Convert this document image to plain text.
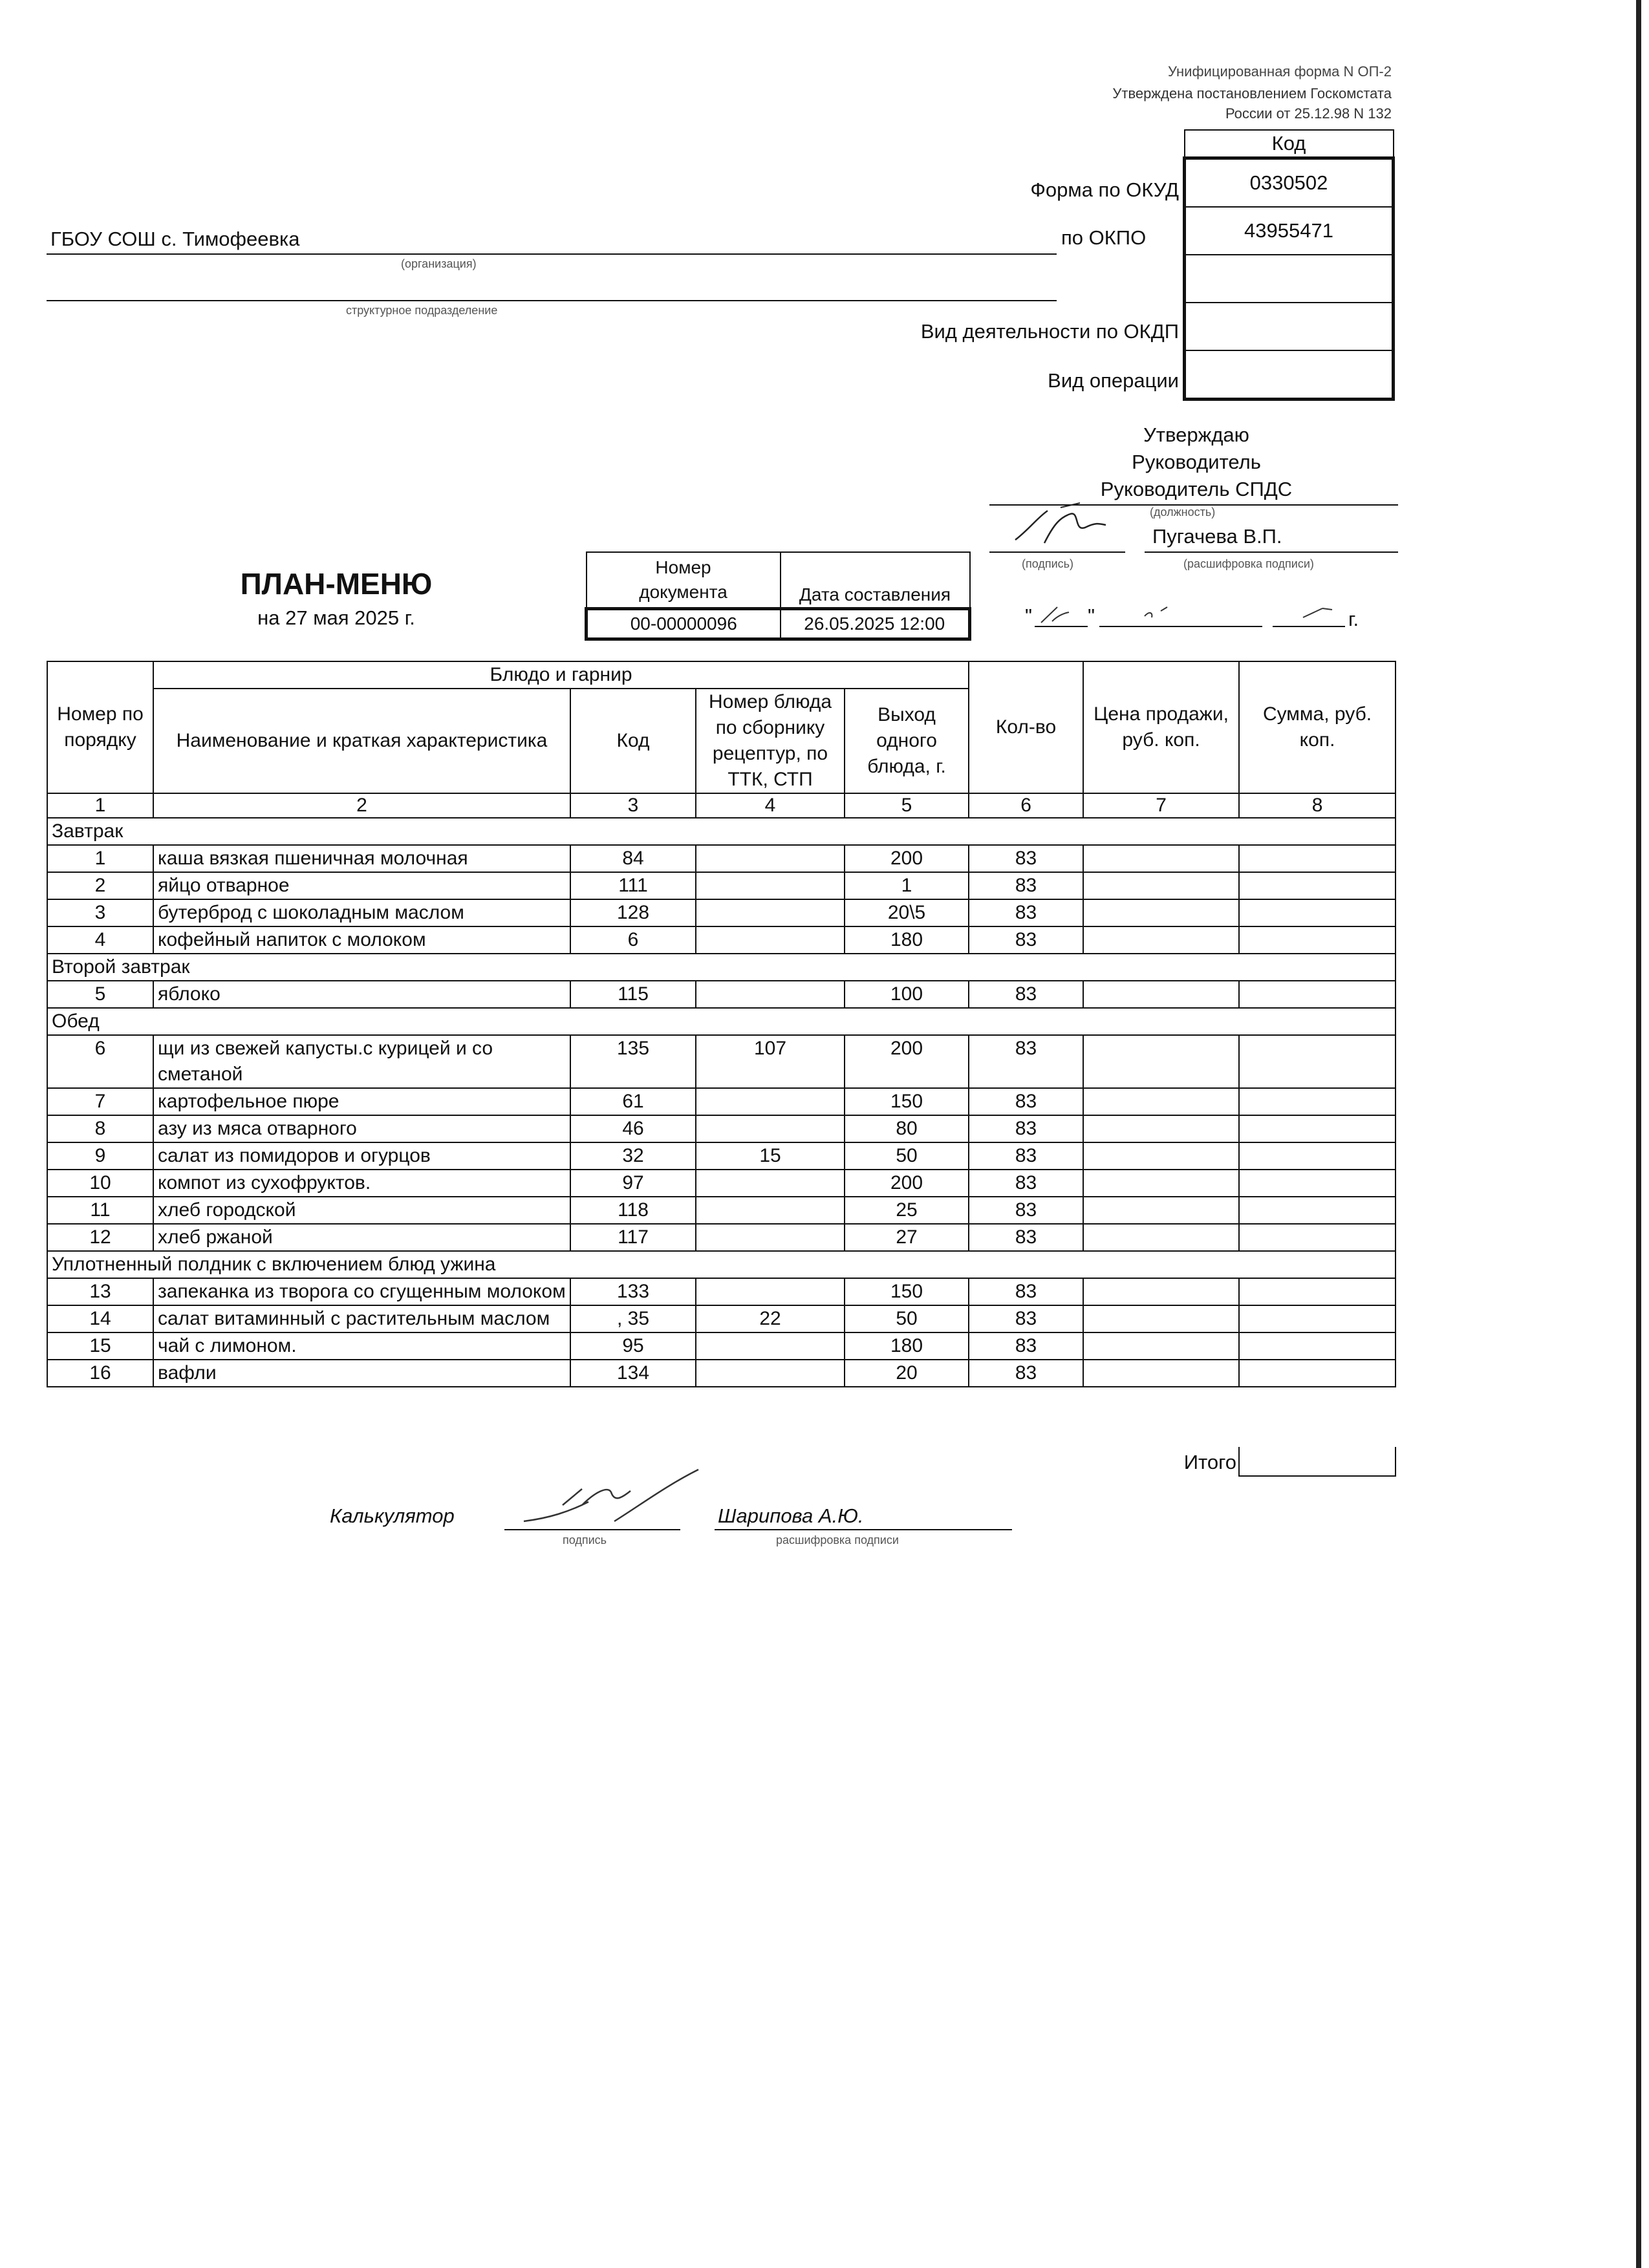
Унифицированная форма N ОП-2
Утверждена постановлением Госкомстата
России от 25.12.98 N 132
Код
0330502
43955471

Форма по ОКУД
по ОКПО
Вид деятельности по ОКДП
Вид операции
ГБОУ СОШ с. Тимофеевка
(организация)
структурное подразделение
Утверждаю
Руководитель
Руководитель СПДС
(должность)
Пугачева В.П.
(подпись)	(расшифровка подписи)
"	"	г.
ПЛАН-МЕНЮ
на 27 мая 2025 г.
Номер
документа	Дата составления
00-00000096	26.05.2025 12:00
Номер по порядку	Блюдо и гарнир				Кол-во	Цена продажи, руб. коп.	Сумма, руб. коп.
	Наименование и краткая характеристика	Код	Номер блюда по сборнику рецептур, по ТТК, СТП	Выход одного блюда, г.			
1	2	3	4	5	6	7	8
Завтрак							
1	каша вязкая пшеничная молочная	84		200	83		
2	яйцо отварное	111		1	83		
3	бутерброд с шоколадным маслом	128		20\5	83		
4	кофейный напиток с молоком	6		180	83		
Второй завтрак							
5	яблоко	115		100	83		
Обед							
6	щи из свежей капусты.с курицей и со сметаной	135	107	200	83		
7	картофельное пюре	61		150	83		
8	азу из мяса отварного	46		80	83		
9	салат из помидоров и огурцов	32	15	50	83		
10	компот из сухофруктов.	97		200	83		
11	хлеб городской	118		25	83		
12	хлеб ржаной	117		27	83		
Уплотненный полдник с включением блюд ужина							
13	запеканка из творога со сгущенным молоком	133		150	83		
14	салат витаминный с растительным маслом	, 35	22	50	83		
15	чай с лимоном.	95		180	83		
16	вафли	134		20	83		
Итого
Калькулятор	Шарипова А.Ю.
подпись	расшифровка подписи
